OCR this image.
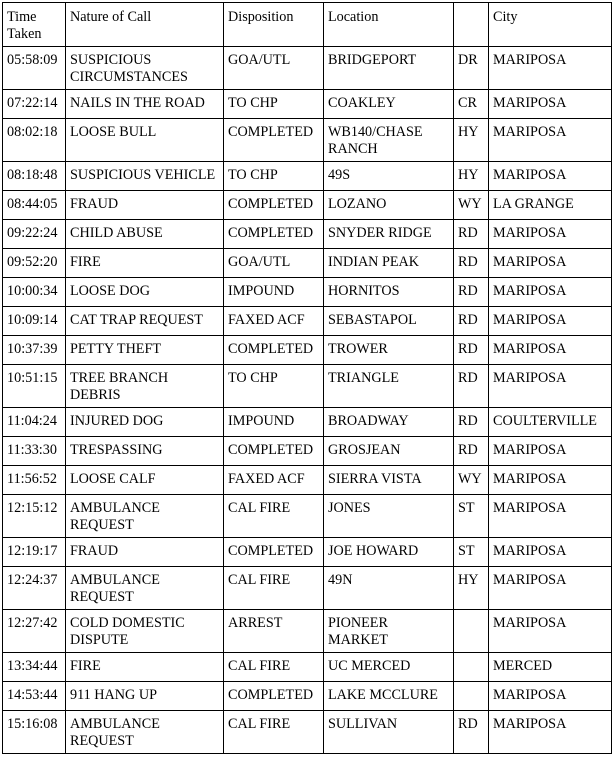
Time Taken	Nature of Call	Disposition	Location		City
05:58:09	SUSPICIOUS CIRCUMSTANCES	GOA/UTL	BRIDGEPORT	DR	MARIPOSA
07:22:14	NAILS IN THE ROAD	TO CHP	COAKLEY	CR	MARIPOSA
08:02:18	LOOSE BULL	COMPLETED	WB140/CHASE RANCH	HY	MARIPOSA
08:18:48	SUSPICIOUS VEHICLE	TO CHP	49S	HY	MARIPOSA
08:44:05	FRAUD	COMPLETED	LOZANO	WY	LA GRANGE
09:22:24	CHILD ABUSE	COMPLETED	SNYDER RIDGE	RD	MARIPOSA
09:52:20	FIRE	GOA/UTL	INDIAN PEAK	RD	MARIPOSA
10:00:34	LOOSE DOG	IMPOUND	HORNITOS	RD	MARIPOSA
10:09:14	CAT TRAP REQUEST	FAXED ACF	SEBASTAPOL	RD	MARIPOSA
10:37:39	PETTY THEFT	COMPLETED	TROWER	RD	MARIPOSA
10:51:15	TREE BRANCH DEBRIS	TO CHP	TRIANGLE	RD	MARIPOSA
11:04:24	INJURED DOG	IMPOUND	BROADWAY	RD	COULTERVILLE
11:33:30	TRESPASSING	COMPLETED	GROSJEAN	RD	MARIPOSA
11:56:52	LOOSE CALF	FAXED ACF	SIERRA VISTA	WY	MARIPOSA
12:15:12	AMBULANCE REQUEST	CAL FIRE	JONES	ST	MARIPOSA
12:19:17	FRAUD	COMPLETED	JOE HOWARD	ST	MARIPOSA
12:24:37	AMBULANCE REQUEST	CAL FIRE	49N	HY	MARIPOSA
12:27:42	COLD DOMESTIC DISPUTE	ARREST	PIONEER MARKET		MARIPOSA
13:34:44	FIRE	CAL FIRE	UC MERCED		MERCED
14:53:44	911 HANG UP	COMPLETED	LAKE MCCLURE		MARIPOSA
15:16:08	AMBULANCE REQUEST	CAL FIRE	SULLIVAN	RD	MARIPOSA
